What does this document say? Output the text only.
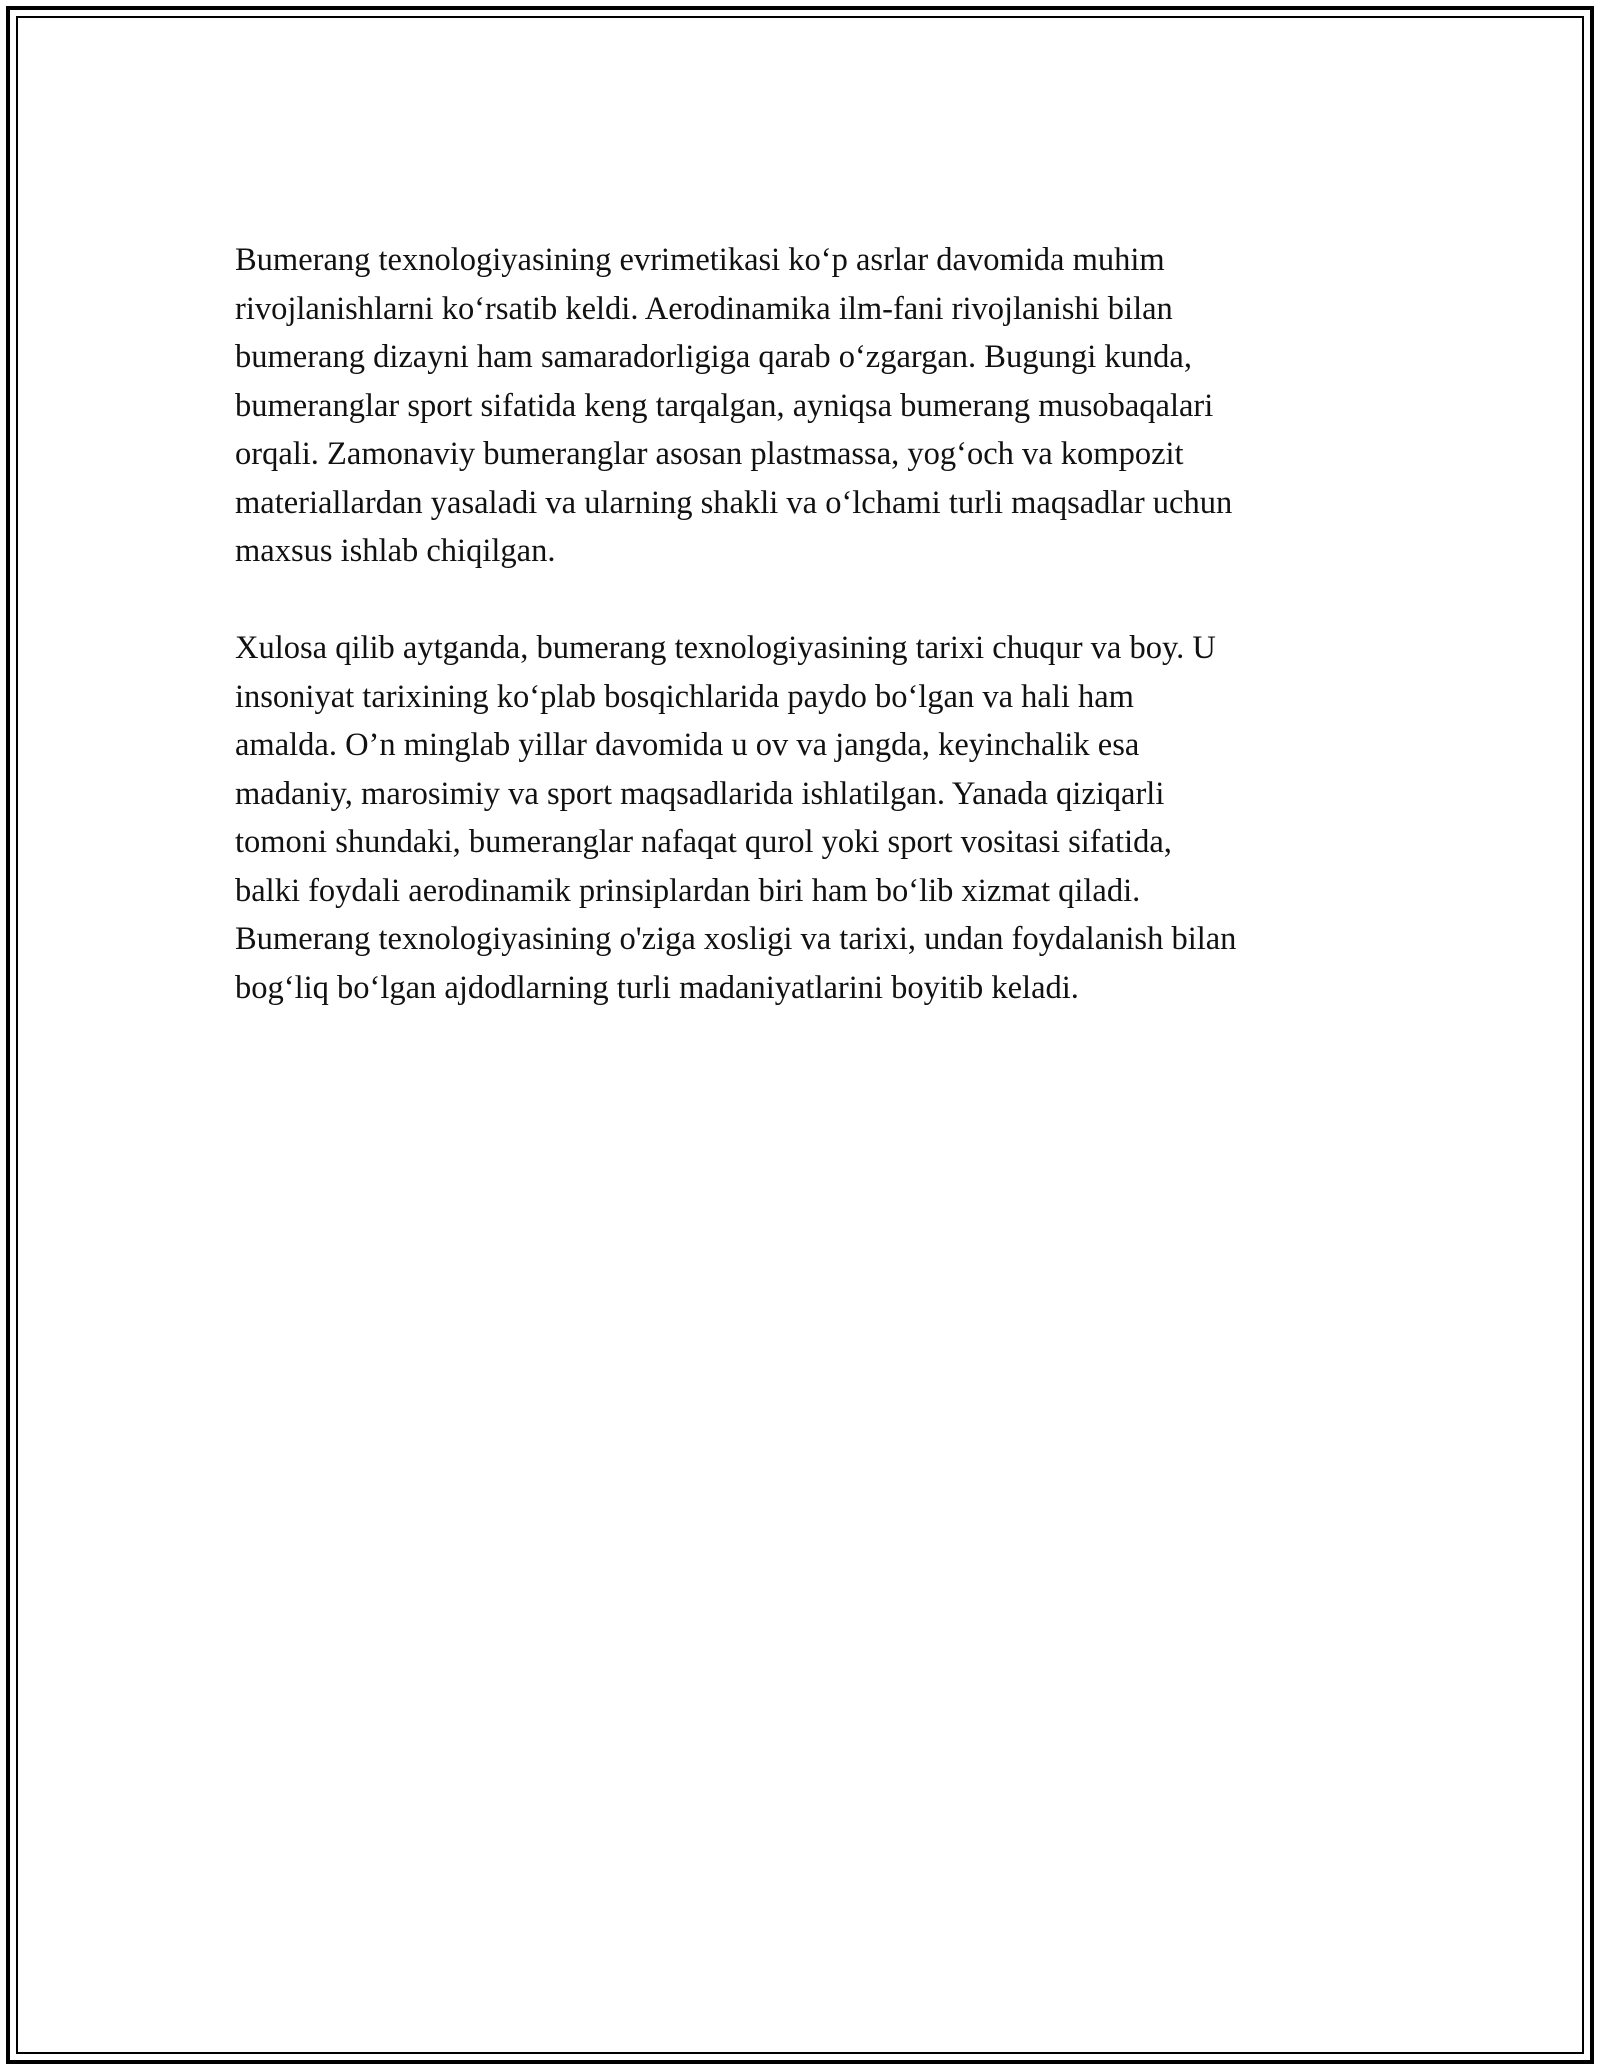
Bumerang texnologiyasining evrimetikasi ko‘p asrlar davomida muhim
rivojlanishlarni ko‘rsatib keldi. Aerodinamika ilm-fani rivojlanishi bilan
bumerang dizayni ham samaradorligiga qarab o‘zgargan. Bugungi kunda,
bumeranglar sport sifatida keng tarqalgan, ayniqsa bumerang musobaqalari
orqali. Zamonaviy bumeranglar asosan plastmassa, yog‘och va kompozit
materiallardan yasaladi va ularning shakli va o‘lchami turli maqsadlar uchun
maxsus ishlab chiqilgan.

Xulosa qilib aytganda, bumerang texnologiyasining tarixi chuqur va boy. U
insoniyat tarixining ko‘plab bosqichlarida paydo bo‘lgan va hali ham
amalda. O’n minglab yillar davomida u ov va jangda, keyinchalik esa
madaniy, marosimiy va sport maqsadlarida ishlatilgan. Yanada qiziqarli
tomoni shundaki, bumeranglar nafaqat qurol yoki sport vositasi sifatida,
balki foydali aerodinamik prinsiplardan biri ham bo‘lib xizmat qiladi.
Bumerang texnologiyasining o'ziga xosligi va tarixi, undan foydalanish bilan
bog‘liq bo‘lgan ajdodlarning turli madaniyatlarini boyitib keladi.
